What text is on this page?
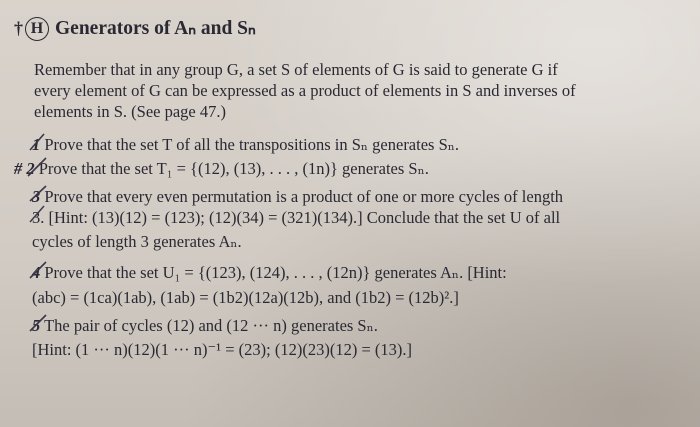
† H Generators of Aₙ and Sₙ
Remember that in any group G, a set S of elements of G is said to generate G if
every element of G can be expressed as a product of elements in S and inverses of
elements in S. (See page 47.)
1 Prove that the set T of all the transpositions in Sₙ generates Sₙ.
# 2 Prove that the set T₁ = {(12), (13), . . . , (1n)} generates Sₙ.
3 Prove that every even permutation is a product of one or more cycles of length
3. [Hint: (13)(12) = (123); (12)(34) = (321)(134).] Conclude that the set U of all
cycles of length 3 generates Aₙ.
4 Prove that the set U₁ = {(123), (124), . . . , (12n)} generates Aₙ. [Hint:
(abc) = (1ca)(1ab), (1ab) = (1b2)(12a)(12b), and (1b2) = (12b)².]
5 The pair of cycles (12) and (12 ··· n) generates Sₙ.
[Hint: (1 ··· n)(12)(1 ··· n)⁻¹ = (23); (12)(23)(12) = (13).]
